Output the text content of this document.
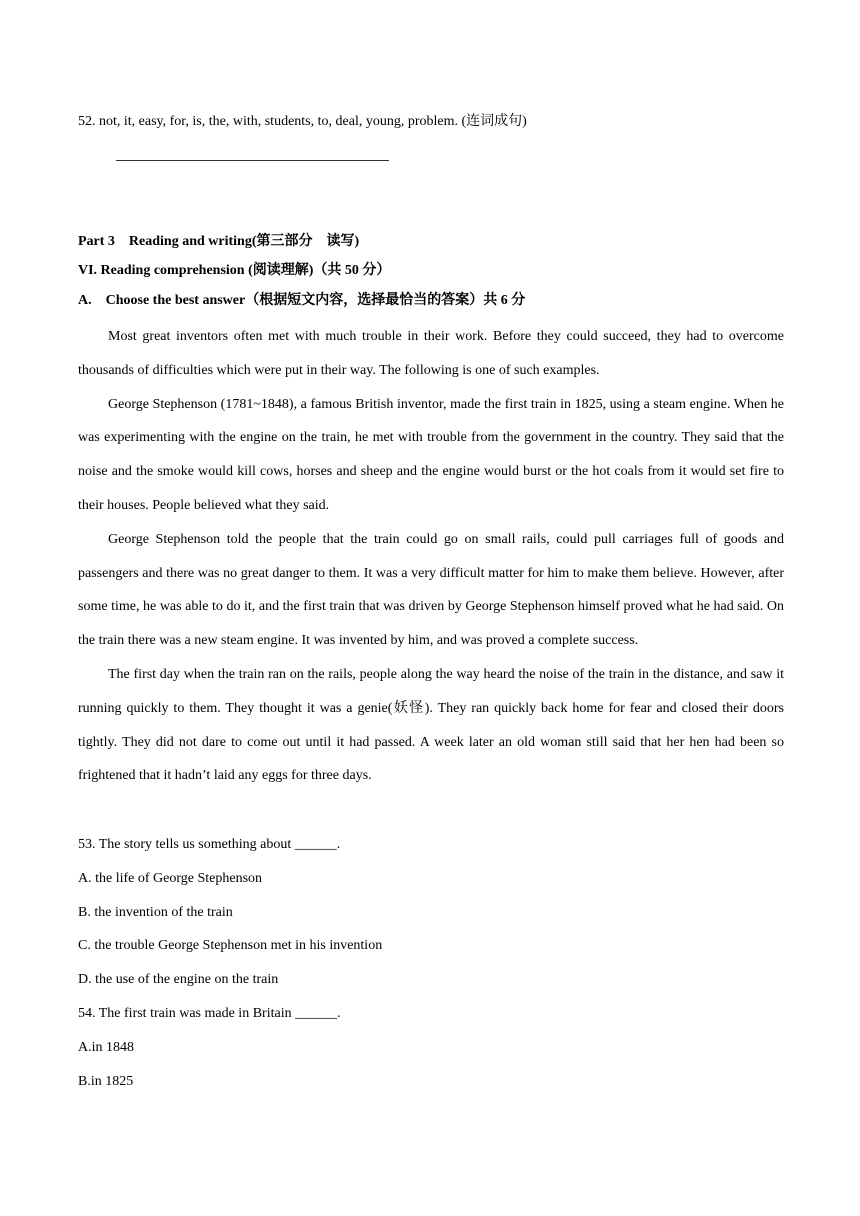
52. not, it, easy, for, is, the, with, students, to, deal, young, problem. (连词成句)
Part 3　Reading and writing(第三部分　读写)
VI. Reading comprehension (阅读理解)（共 50 分）
A.　Choose the best answer（根据短文内容，选择最恰当的答案）共 6 分

Most great inventors often met with much trouble in their work. Before they could succeed, they had to overcome thousands of difficulties which were put in their way. The following is one of such examples.

George Stephenson (1781~1848), a famous British inventor, made the first train in 1825, using a steam engine. When he was experimenting with the engine on the train, he met with trouble from the government in the country. They said that the noise and the smoke would kill cows, horses and sheep and the engine would burst or the hot coals from it would set fire to their houses. People believed what they said.

George Stephenson told the people that the train could go on small rails, could pull carriages full of goods and passengers and there was no great danger to them. It was a very difficult matter for him to make them believe. However, after some time, he was able to do it, and the first train that was driven by George Stephenson himself proved what he had said. On the train there was a new steam engine. It was invented by him, and was proved a complete success.

The first day when the train ran on the rails, people along the way heard the noise of the train in the distance, and saw it running quickly to them. They thought it was a genie(妖怪). They ran quickly back home for fear and closed their doors tightly. They did not dare to come out until it had passed. A week later an old woman still said that her hen had been so frightened that it hadn’t laid any eggs for three days.

53. The story tells us something about ______.
A. the life of George Stephenson
B. the invention of the train
C. the trouble George Stephenson met in his invention
D. the use of the engine on the train
54. The first train was made in Britain ______.
A.in 1848
B.in 1825
